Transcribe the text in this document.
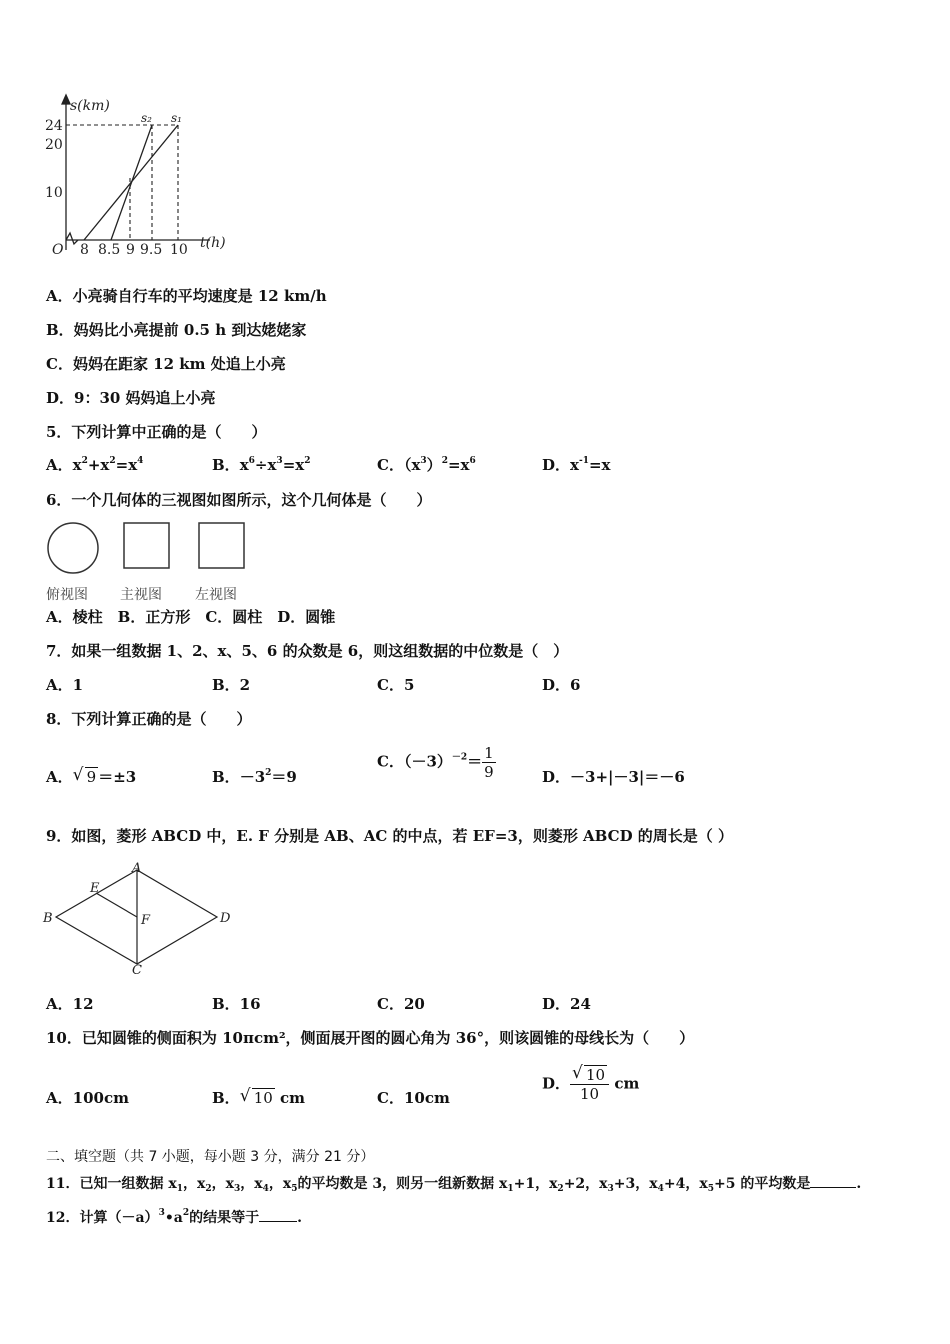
s(km)
24
20
10
O 8 8.5 9 9.5 10 t(h)
s₂ s₁
A．小亮骑自行车的平均速度是 12 km/h
B．妈妈比小亮提前 0.5 h 到达姥姥家
C．妈妈在距家 12 km 处追上小亮
D．9：30 妈妈追上小亮
5．下列计算中正确的是（　　）
A．$x^2+x^2=x^4$	B．$x^6\div x^3=x^2$	C．$(x^3)^2=x^6$	D．$x^{-1}=x$
6．一个几何体的三视图如图所示，这个几何体是（　　）
俯视图 主视图 左视图
A．棱柱　B．正方形　C．圆柱　D．圆锥
7．如果一组数据 1、2、x、5、6 的众数是 6，则这组数据的中位数是（　）
A．1	B．2	C．5	D．6
8．下列计算正确的是（　　）
A． √ 9 ＝±3	B．$-3^2=9$
C．$(-3)^{-2}= \frac{1}{9}$	D．－3+|－3|＝－6
9．如图，菱形 ABCD 中，E. F 分别是 AB、AC 的中点，若 EF=3，则菱形 ABCD 的周长是（ ）
A
B
C
D
E
F
A．12	B．16	C．20	D．24
10．已知圆锥的侧面积为 10πcm²，侧面展开图的圆心角为 36°，则该圆锥的母线长为（　　）
A．100cm	B． √ 10 cm	C．10cm
D． √ $\frac{10}{10}$ cm
二、填空题（共 7 小题，每小题 3 分，满分 21 分）
11．已知一组数据 $x_1$，$x_2$，$x_3$，$x_4$，$x_5$的平均数是 3，则另一组新数据 $x_1+1$，$x_2+2$，$x_3+3$，$x_4+4$，$x_5+5$ 的平均数是	.
12．计算$(-a)^3•a^2$的结果等于	.
